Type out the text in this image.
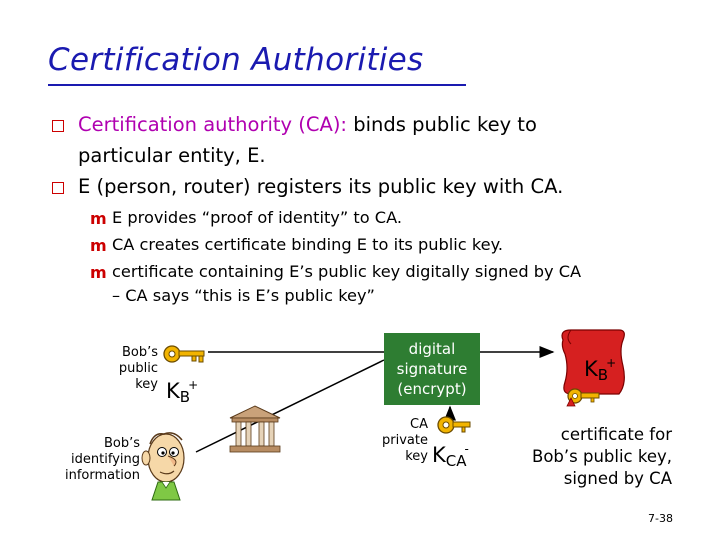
Certification Authorities
Certification authority (CA): binds public key to
particular entity, E.
E (person, router) registers its public key with CA.
m E provides “proof of identity” to CA.
m CA creates certificate binding E to its public key.
m certificate containing E’s public key digitally signed by CA
– CA says “this is E’s public key”
Bob’s
public
key $K_B^+$
Bob’s
identifying
information
digital
signature
(encrypt)
CA
private
key $K_{CA}^-$
$K_B^+$
certificate for
Bob’s public key,
signed by CA
7-38
